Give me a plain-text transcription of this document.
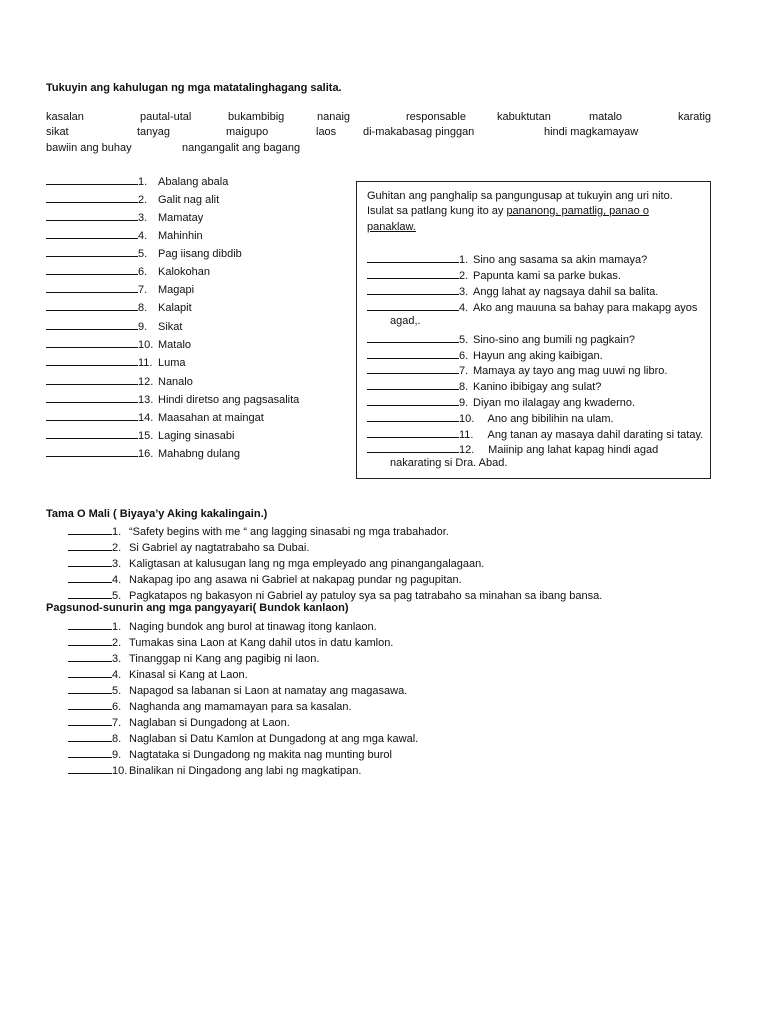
Tukuyin ang kahulugan ng mga matatalinghagang salita.
kasalan	pautal-utal	bukambibig	nanaig	responsable	kabuktutan	matalo	karatig
sikat	tanyag	maigupo	laos di-makabasag pinggan	hindi magkamayaw
bawiin ang buhay	nangangalit ang bagang
1. Abalang abala
2. Galit nag alit
3. Mamatay
4. Mahinhin
5. Pag iisang dibdib
6. Kalokohan
7. Magapi
8. Kalapit
9. Sikat
10. Matalo
11. Luma
12. Nanalo
13. Hindi diretso ang pagsasalita
14. Maasahan at maingat
15. Laging sinasabi
16. Mahabng dulang
Guhitan ang panghalip sa pangungusap at tukuyin ang uri nito.
Isulat sa patlang kung ito ay pananong, pamatlig, panao o
panaklaw.
1. Sino ang sasama sa akin mamaya?
2. Papunta kami sa parke bukas.
3. Angg lahat ay nagsaya dahil sa balita.
4. Ako ang mauuna sa bahay para makapg ayos
agad,.
5. Sino-sino ang bumili ng pagkain?
6. Hayun ang aking kaibigan.
7. Mamaya ay tayo ang mag uuwi ng libro.
8. Kanino ibibigay ang sulat?
9. Diyan mo ilalagay ang kwaderno.
10.   Ano ang bibilihin na ulam.
11.   Ang tanan ay masaya dahil darating si tatay.
12.   Maiinip ang lahat kapag hindi agad
nakarating si Dra. Abad.
Tama O Mali ( Biyaya’y Aking kakalingain.)
1. “Safety begins with me “ ang lagging sinasabi ng mga trabahador.
2. Si Gabriel ay nagtatrabaho sa Dubai.
3. Kaligtasan at kalusugan lang ng mga empleyado ang pinangangalagaan.
4. Nakapag ipo ang asawa ni Gabriel at nakapag pundar ng pagupitan.
5. Pagkatapos ng bakasyon ni Gabriel ay patuloy sya sa pag tatrabaho sa minahan sa ibang bansa.
Pagsunod-sunurin ang mga pangyayari( Bundok kanlaon)
1. Naging bundok ang burol at tinawag itong kanlaon.
2. Tumakas sina Laon at Kang dahil utos in datu kamlon.
3. Tinanggap ni Kang ang pagibig ni laon.
4. Kinasal si Kang at Laon.
5. Napagod sa labanan si Laon at namatay ang magasawa.
6. Naghanda ang mamamayan para sa kasalan.
7. Naglaban si Dungadong at Laon.
8. Naglaban si Datu Kamlon at Dungadong at ang mga kawal.
9. Nagtataka si Dungadong ng makita nag munting burol
10. Binalikan ni Dingadong ang labi ng magkatipan.
